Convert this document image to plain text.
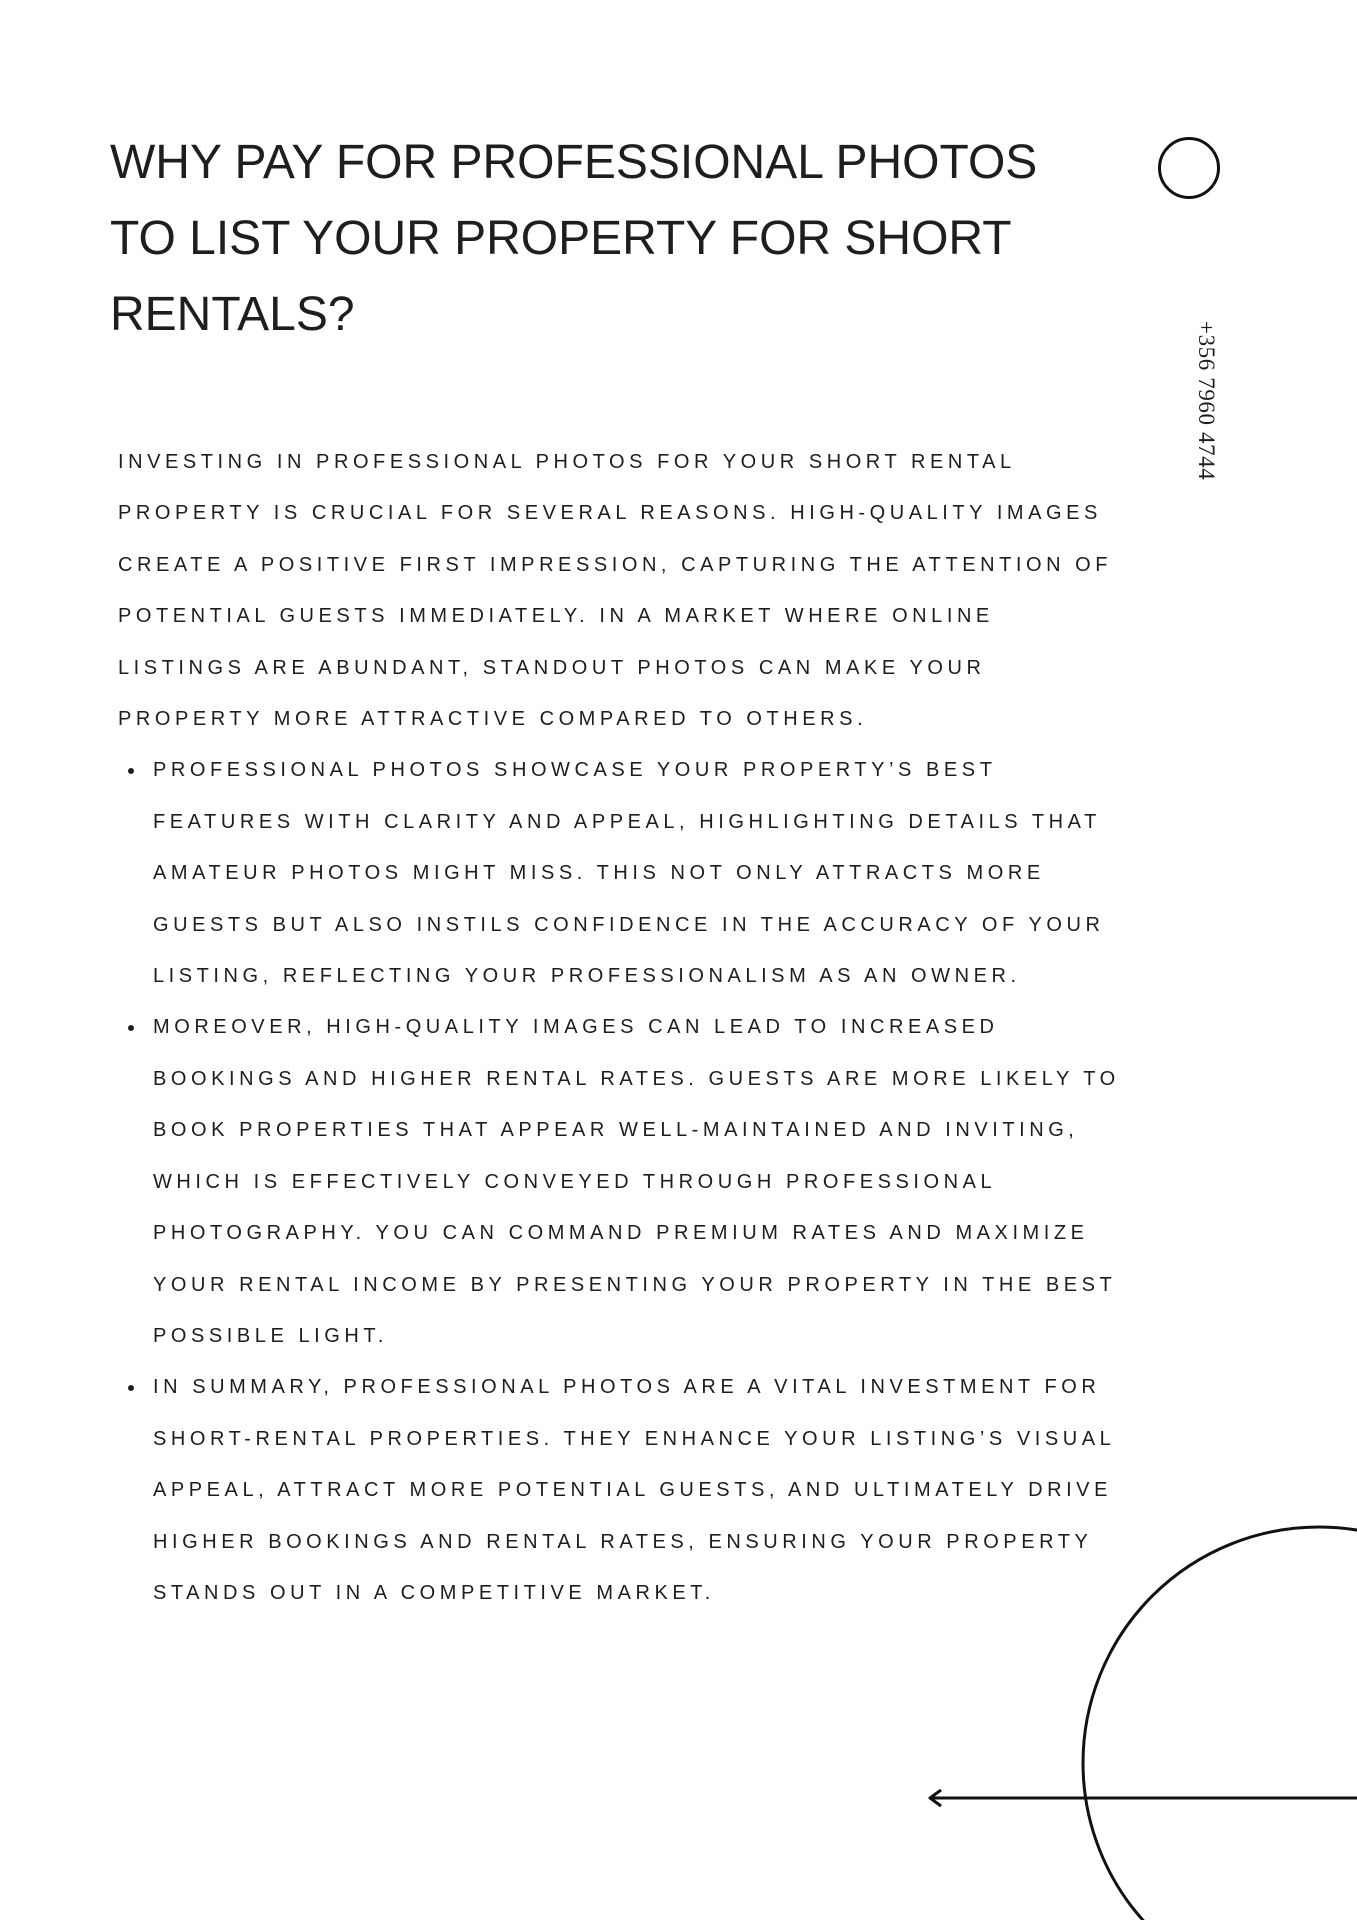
WHY PAY FOR PROFESSIONAL PHOTOS
TO LIST YOUR PROPERTY FOR SHORT
RENTALS?
+356 7960 4744

INVESTING IN PROFESSIONAL PHOTOS FOR YOUR SHORT RENTAL
PROPERTY IS CRUCIAL FOR SEVERAL REASONS. HIGH-QUALITY IMAGES
CREATE A POSITIVE FIRST IMPRESSION, CAPTURING THE ATTENTION OF
POTENTIAL GUESTS IMMEDIATELY. IN A MARKET WHERE ONLINE
LISTINGS ARE ABUNDANT, STANDOUT PHOTOS CAN MAKE YOUR
PROPERTY MORE ATTRACTIVE COMPARED TO OTHERS.

PROFESSIONAL PHOTOS SHOWCASE YOUR PROPERTY’S BEST
FEATURES WITH CLARITY AND APPEAL, HIGHLIGHTING DETAILS THAT
AMATEUR PHOTOS MIGHT MISS. THIS NOT ONLY ATTRACTS MORE
GUESTS BUT ALSO INSTILS CONFIDENCE IN THE ACCURACY OF YOUR
LISTING, REFLECTING YOUR PROFESSIONALISM AS AN OWNER.
MOREOVER, HIGH-QUALITY IMAGES CAN LEAD TO INCREASED
BOOKINGS AND HIGHER RENTAL RATES. GUESTS ARE MORE LIKELY TO
BOOK PROPERTIES THAT APPEAR WELL-MAINTAINED AND INVITING,
WHICH IS EFFECTIVELY CONVEYED THROUGH PROFESSIONAL
PHOTOGRAPHY. YOU CAN COMMAND PREMIUM RATES AND MAXIMIZE
YOUR RENTAL INCOME BY PRESENTING YOUR PROPERTY IN THE BEST
POSSIBLE LIGHT.
IN SUMMARY, PROFESSIONAL PHOTOS ARE A VITAL INVESTMENT FOR
SHORT-RENTAL PROPERTIES. THEY ENHANCE YOUR LISTING’S VISUAL
APPEAL, ATTRACT MORE POTENTIAL GUESTS, AND ULTIMATELY DRIVE
HIGHER BOOKINGS AND RENTAL RATES, ENSURING YOUR PROPERTY
STANDS OUT IN A COMPETITIVE MARKET.
